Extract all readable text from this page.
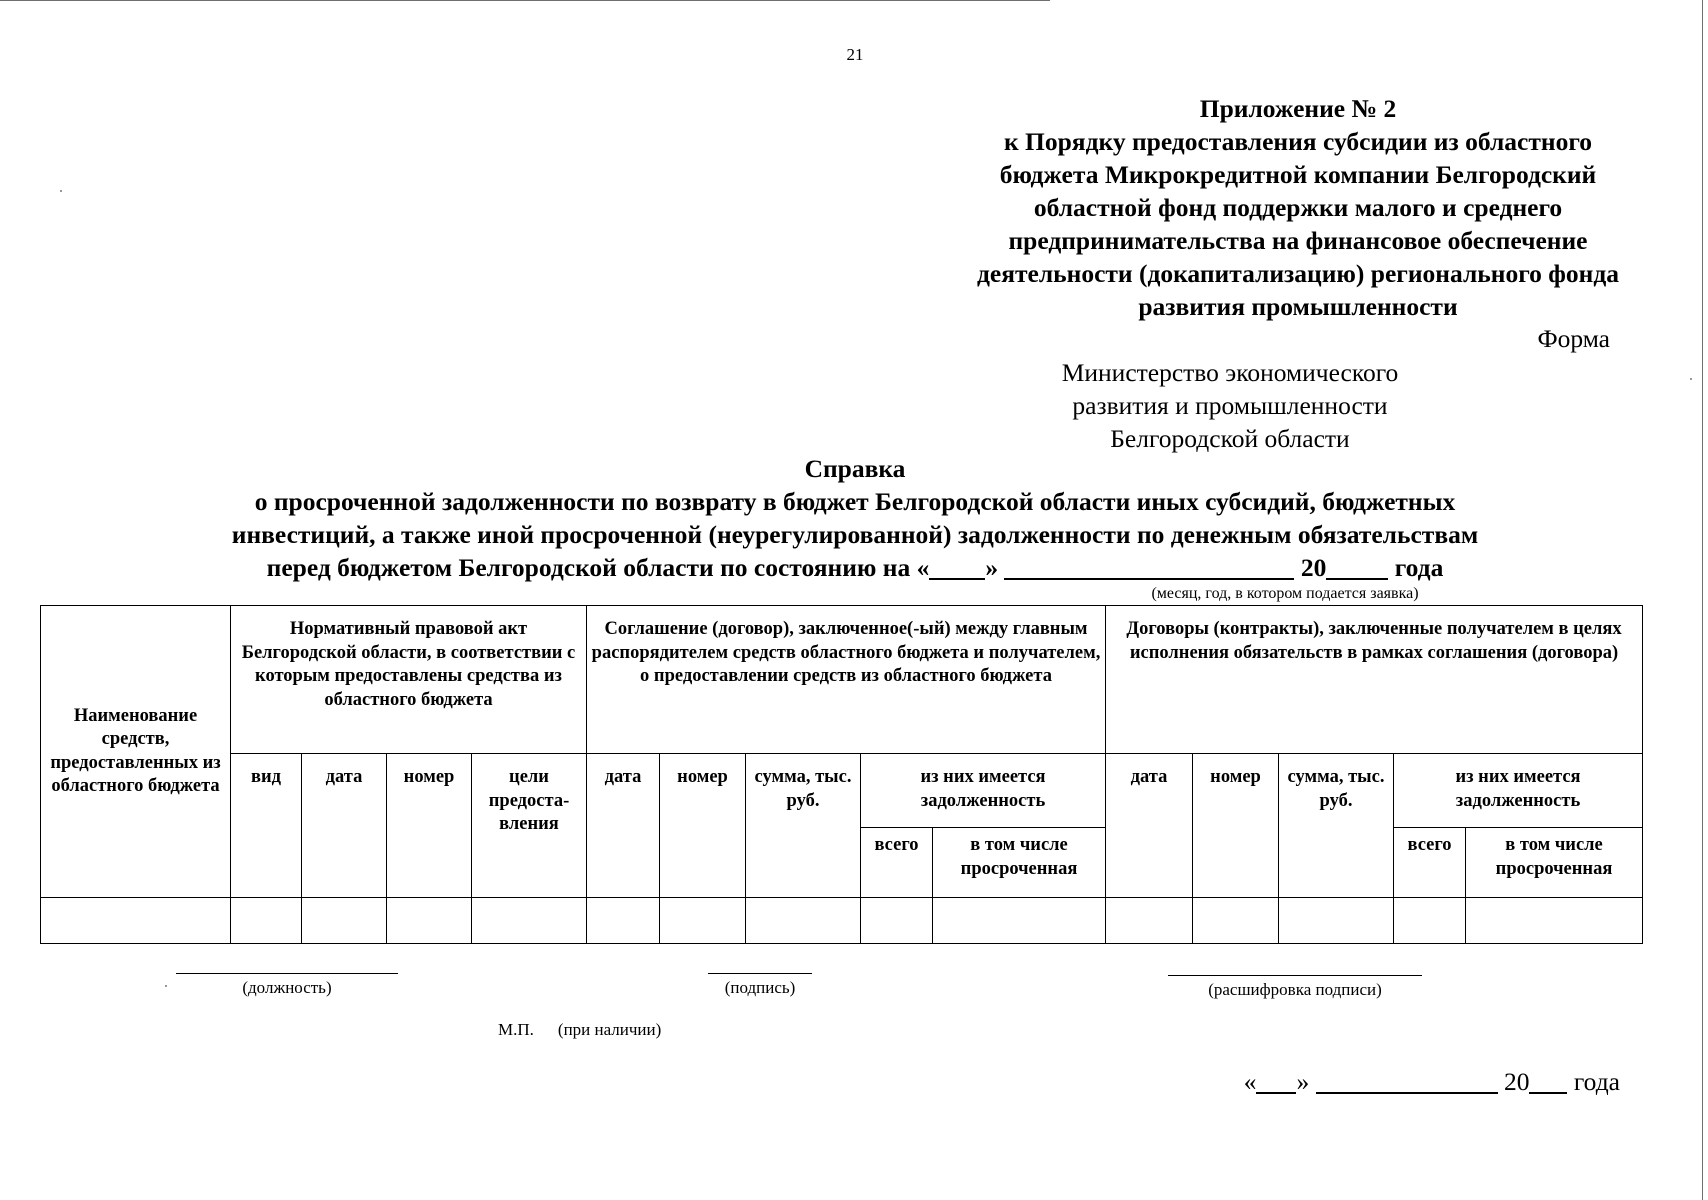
21
Приложение № 2
к Порядку предоставления субсидии из областного
бюджета Микрокредитной компании Белгородский
областной фонд поддержки малого и среднего
предпринимательства на финансовое обеспечение
деятельности (докапитализацию) регионального фонда
развития промышленности
Форма
Министерство экономического
развития и промышленности
Белгородской области
Справка
о просроченной задолженности по возврату в бюджет Белгородской области иных субсидий, бюджетных
инвестиций, а также иной просроченной (неурегулированной) задолженности по денежным обязательствам
перед бюджетом Белгородской области по состоянию на « »	20	года
(месяц, год, в котором подается заявка)
Наименование средств, предоставленных из областного бюджета	Нормативный правовой акт Белгородской области, в соответствии с которым предоставлены средства из областного бюджета				Соглашение (договор), заключенное(-ый) между главным распорядителем средств областного бюджета и получателем, о предоставлении средств из областного бюджета					Договоры (контракты), заключенные получателем в целях исполнения обязательств в рамках соглашения (договора)				
	вид	дата	номер	цели предоста-вления	дата	номер	сумма, тыс. руб.	из них имеется задолженность		дата	номер	сумма, тыс. руб.	из них имеется задолженность	
								всего	в том числе просроченная				всего	в том числе просроченная

(должность)	(подпись)	(расшифровка подписи)
М.П. (при наличии)
« »	20 года
